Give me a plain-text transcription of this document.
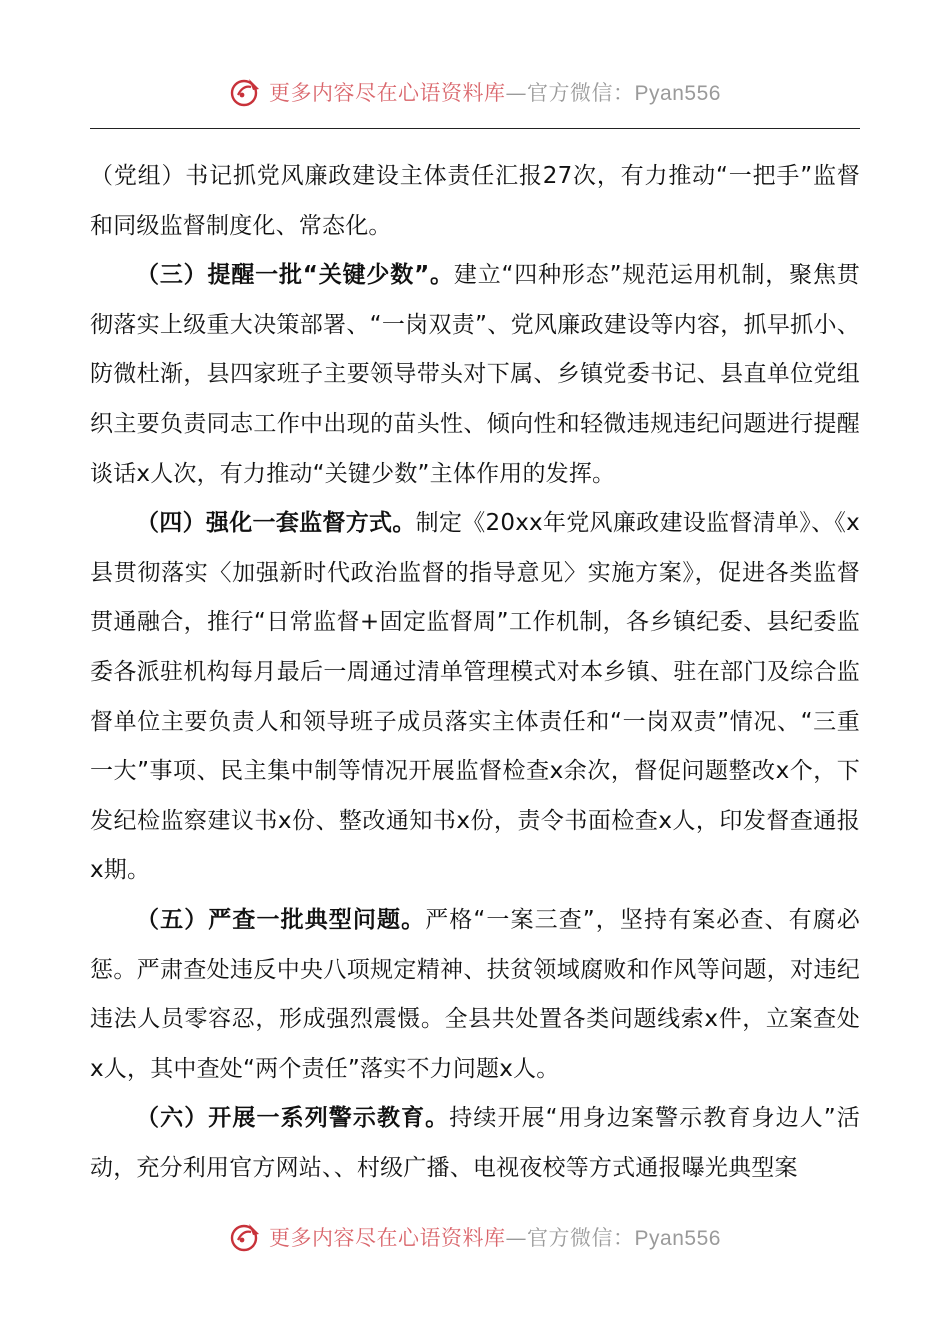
更多内容尽在心语资料库—官方微信：Pyan556

（党组）书记抓党风廉政建设主体责任汇报27次，有力推动“一把手”监督和同级监督制度化、常态化。

（三）提醒一批“关键少数”。建立“四种形态”规范运用机制，聚焦贯彻落实上级重大决策部署、“一岗双责”、党风廉政建设等内容，抓早抓小、防微杜渐，县四家班子主要领导带头对下属、乡镇党委书记、县直单位党组织主要负责同志工作中出现的苗头性、倾向性和轻微违规违纪问题进行提醒谈话x人次，有力推动“关键少数”主体作用的发挥。

（四）强化一套监督方式。制定《20xx年党风廉政建设监督清单》、《x县贯彻落实〈加强新时代政治监督的指导意见〉实施方案》，促进各类监督贯通融合，推行“日常监督+固定监督周”工作机制，各乡镇纪委、县纪委监委各派驻机构每月最后一周通过清单管理模式对本乡镇、驻在部门及综合监督单位主要负责人和领导班子成员落实主体责任和“一岗双责”情况、“三重一大”事项、民主集中制等情况开展监督检查x余次，督促问题整改x个，下发纪检监察建议书x份、整改通知书x份，责令书面检查x人，印发督查通报x期。

（五）严查一批典型问题。严格“一案三查”，坚持有案必查、有腐必惩。严肃查处违反中央八项规定精神、扶贫领域腐败和作风等问题，对违纪违法人员零容忍，形成强烈震慑。全县共处置各类问题线索x件，立案查处x人，其中查处“两个责任”落实不力问题x人。

（六）开展一系列警示教育。持续开展“用身边案警示教育身边人”活动，充分利用官方网站、、村级广播、电视夜校等方式通报曝光典型案

更多内容尽在心语资料库—官方微信：Pyan556
